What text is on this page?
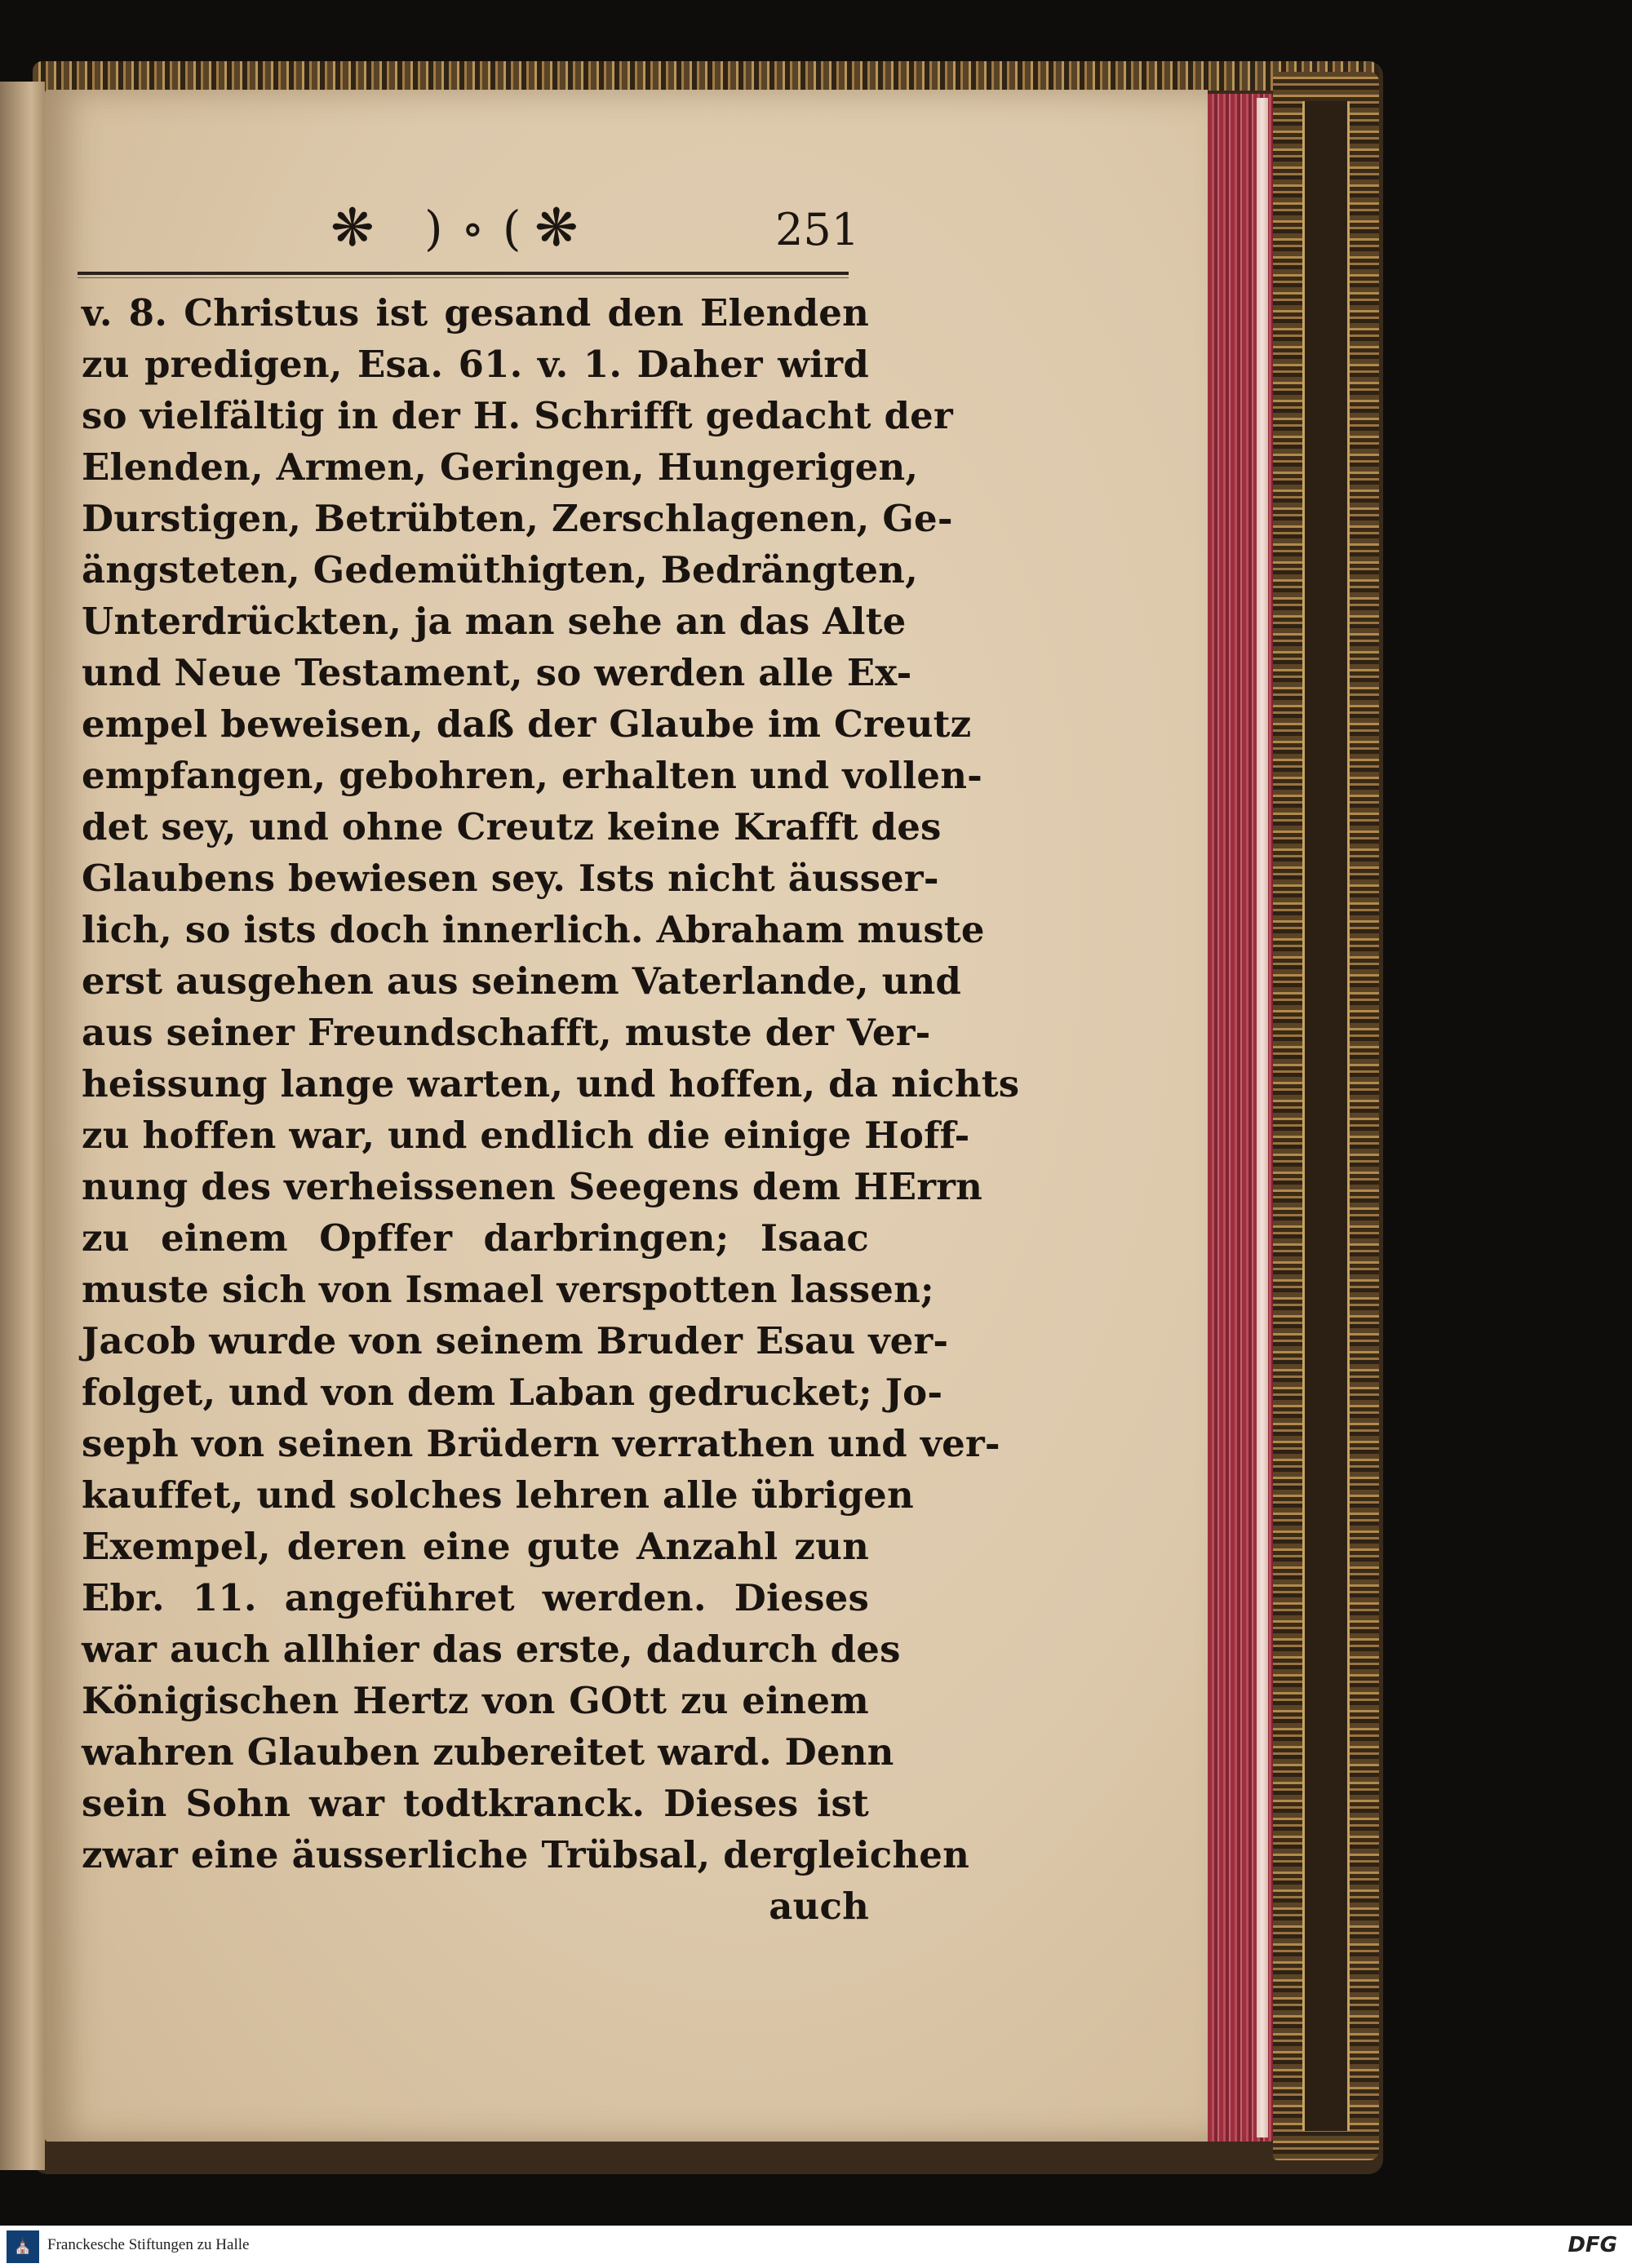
❋ ) ∘ ( ❋	251
v. 8. Christus ist gesand den Elenden
zu predigen, Esa. 61. v. 1. Daher wird
so vielfältig in der H. Schrifft gedacht der
Elenden, Armen, Geringen, Hungerigen,
Durstigen, Betrübten, Zerschlagenen, Ge-
ängsteten, Gedemüthigten, Bedrängten,
Unterdrückten, ja man sehe an das Alte
und Neue Testament, so werden alle Ex-
empel beweisen, daß der Glaube im Creutz
empfangen, gebohren, erhalten und vollen-
det sey, und ohne Creutz keine Krafft des
Glaubens bewiesen sey. Ists nicht äusser-
lich, so ists doch innerlich. Abraham muste
erst ausgehen aus seinem Vaterlande, und
aus seiner Freundschafft, muste der Ver-
heissung lange warten, und hoffen, da nichts
zu hoffen war, und endlich die einige Hoff-
nung des verheissenen Seegens dem HErrn
zu einem Opffer darbringen; Isaac
muste sich von Ismael verspotten lassen;
Jacob wurde von seinem Bruder Esau ver-
folget, und von dem Laban gedrucket; Jo-
seph von seinen Brüdern verrathen und ver-
kauffet, und solches lehren alle übrigen
Exempel, deren eine gute Anzahl zun
Ebr. 11. angeführet werden. Dieses
war auch allhier das erste, dadurch des
Königischen Hertz von GOtt zu einem
wahren Glauben zubereitet ward. Denn
sein Sohn war todtkranck. Dieses ist
zwar eine äusserliche Trübsal, dergleichen
auch
⛪ Franckesche Stiftungen zu Halle	DFG
